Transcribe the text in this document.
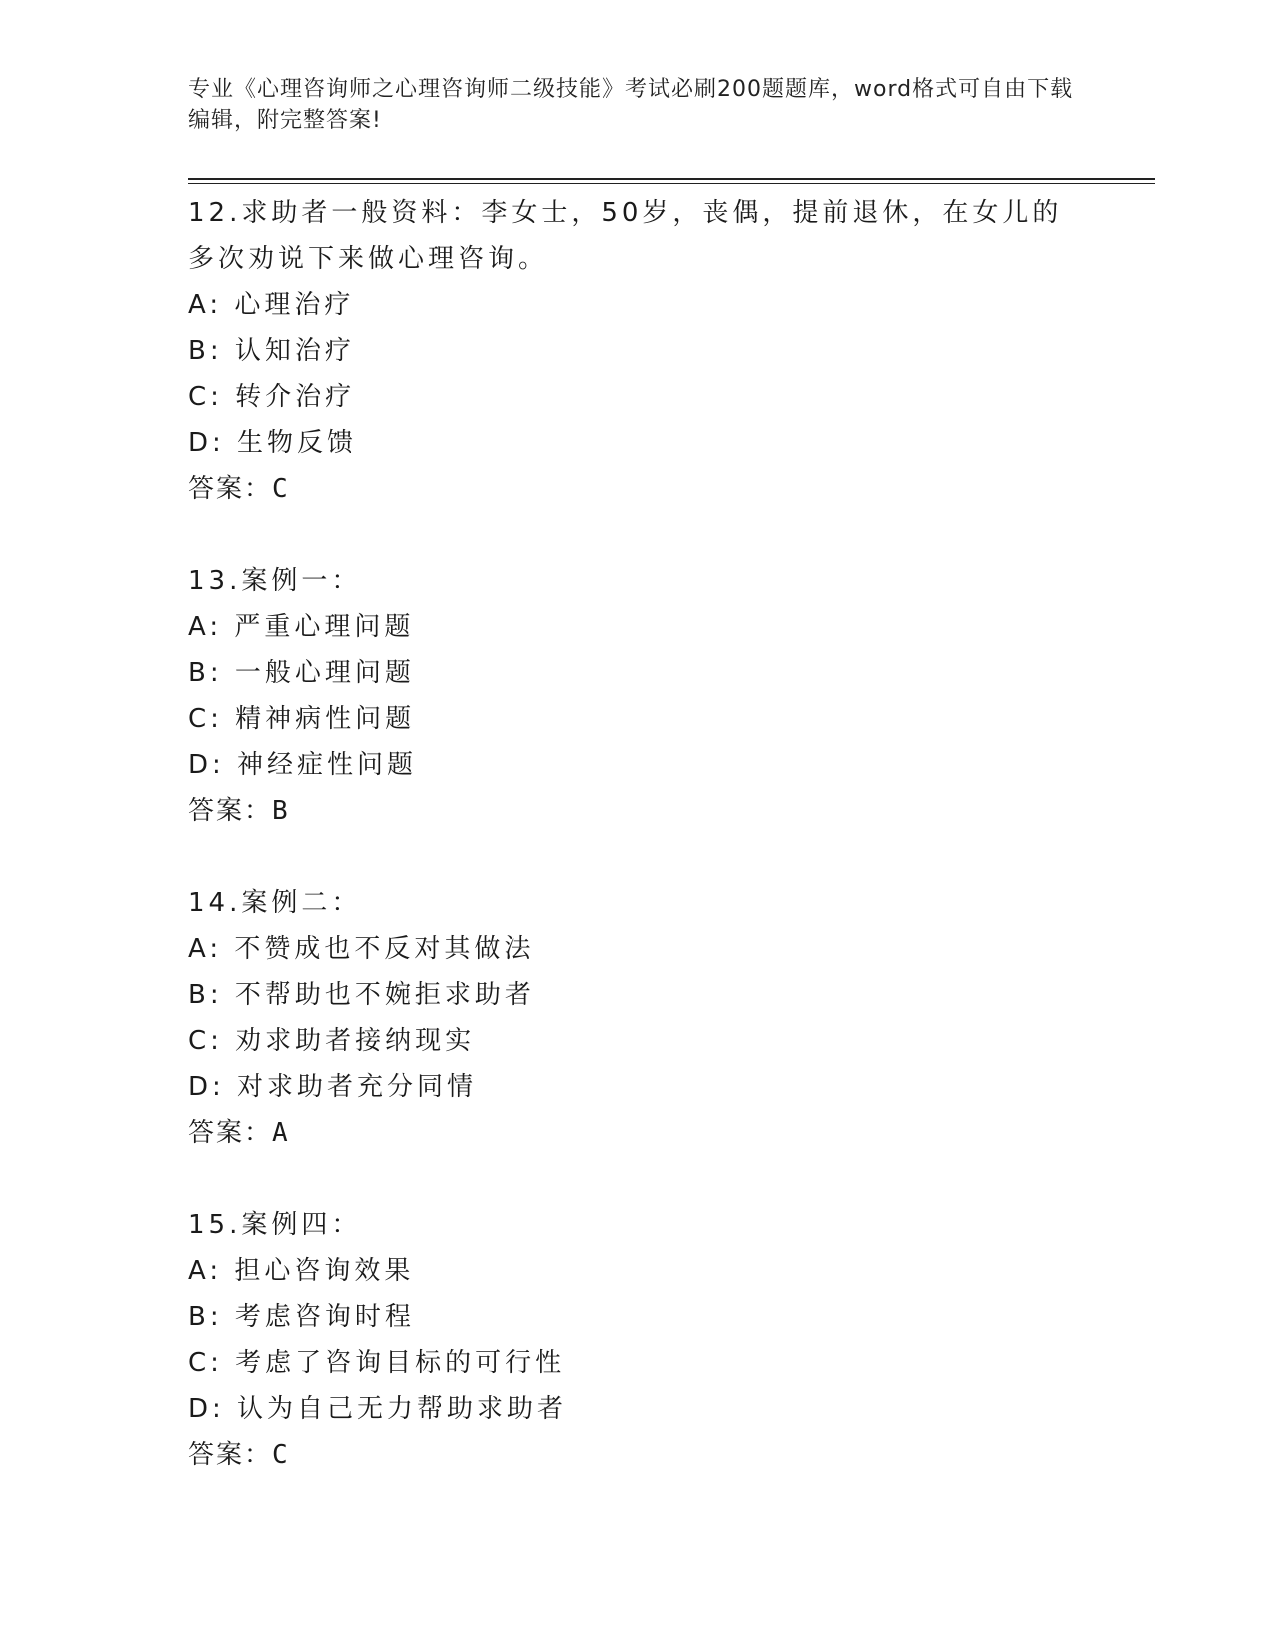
专业《心理咨询师之心理咨询师二级技能》考试必刷200题题库，word格式可自由下载编辑，附完整答案!

12.求助者一般资料：李女士，50岁，丧偶，提前退休，在女儿的多次劝说下来做心理咨询。

A: 心理治疗

B: 认知治疗

C: 转介治疗

D: 生物反馈

答案：C

13.案例一：

A: 严重心理问题

B: 一般心理问题

C: 精神病性问题

D: 神经症性问题

答案：B

14.案例二：

A: 不赞成也不反对其做法

B: 不帮助也不婉拒求助者

C: 劝求助者接纳现实

D: 对求助者充分同情

答案：A

15.案例四：

A: 担心咨询效果

B: 考虑咨询时程

C: 考虑了咨询目标的可行性

D: 认为自己无力帮助求助者

答案：C
